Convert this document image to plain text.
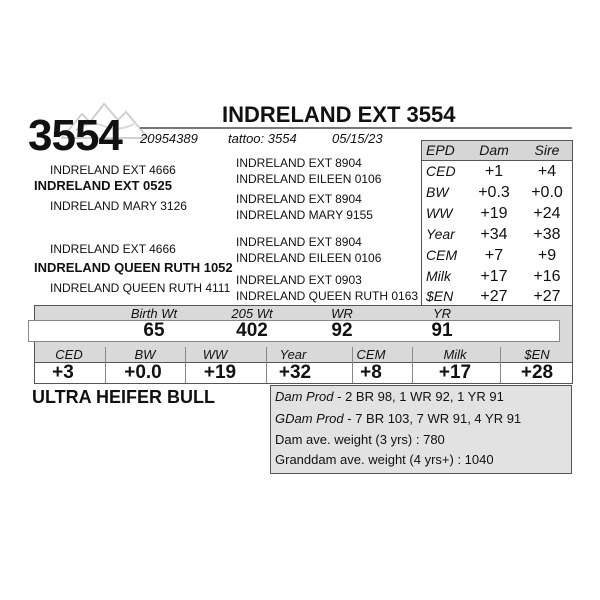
3554	INDRELAND EXT 3554
20954389 tattoo: 3554	05/15/23
INDRELAND EXT 4666
INDRELAND EXT 0525
INDRELAND MARY 3126
INDRELAND EXT 4666
INDRELAND QUEEN RUTH 1052
INDRELAND QUEEN RUTH 4111
INDRELAND EXT 8904
INDRELAND EILEEN 0106
INDRELAND EXT 8904
INDRELAND MARY 9155
INDRELAND EXT 8904
INDRELAND EILEEN 0106
INDRELAND EXT 0903
INDRELAND QUEEN RUTH 0163
EPD Dam	Sire
CED	+1	+4
BW	+0.3	+0.0
WW	+19	+24
Year	+34	+38
CEM	+7	+9
Milk	+17	+16
$EN	+27	+27
Birth Wt	205 Wt	WR	YR
65	402	92	91
CED	BW	WW	Year	CEM	Milk	$EN
+3	+0.0	+19	+32	+8	+17	+28
ULTRA HEIFER BULL	Dam Prod - 2 BR 98, 1 WR 92, 1 YR 91
GDam Prod - 7 BR 103, 7 WR 91, 4 YR 91
Dam ave. weight (3 yrs) : 780
Granddam ave. weight (4 yrs+) : 1040
